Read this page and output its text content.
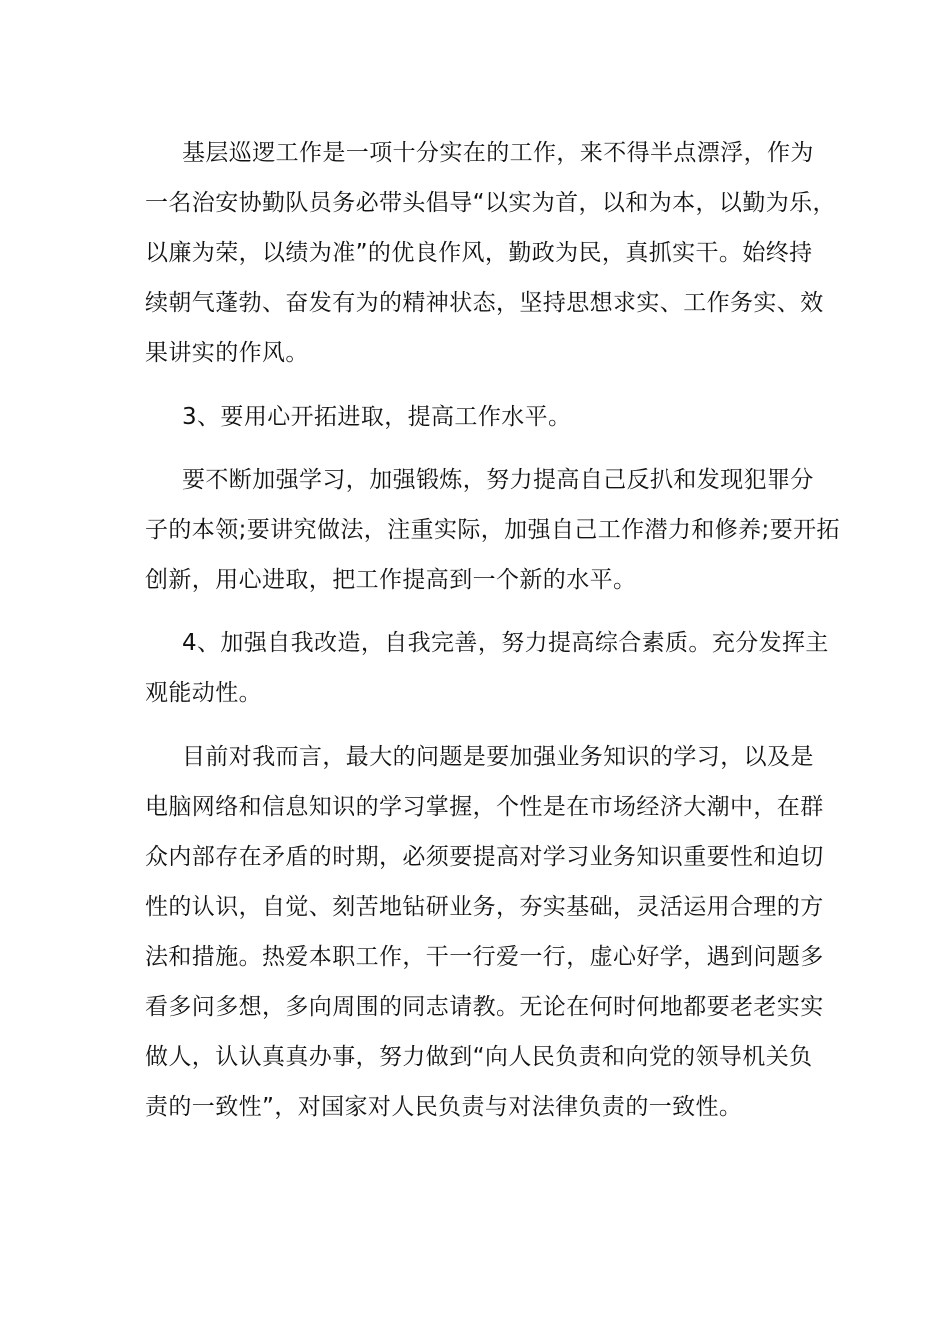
基层巡逻工作是一项十分实在的工作，来不得半点漂浮，作为
一名治安协勤队员务必带头倡导“以实为首，以和为本，以勤为乐，
以廉为荣，以绩为准”的优良作风，勤政为民，真抓实干。始终持
续朝气蓬勃、奋发有为的精神状态，坚持思想求实、工作务实、效
果讲实的作风。
3、要用心开拓进取，提高工作水平。
要不断加强学习，加强锻炼，努力提高自己反扒和发现犯罪分
子的本领;要讲究做法，注重实际，加强自己工作潜力和修养;要开拓
创新，用心进取，把工作提高到一个新的水平。
4、加强自我改造，自我完善，努力提高综合素质。充分发挥主
观能动性。
目前对我而言，最大的问题是要加强业务知识的学习，以及是
电脑网络和信息知识的学习掌握，个性是在市场经济大潮中，在群
众内部存在矛盾的时期，必须要提高对学习业务知识重要性和迫切
性的认识，自觉、刻苦地钻研业务，夯实基础，灵活运用合理的方
法和措施。热爱本职工作，干一行爱一行，虚心好学，遇到问题多
看多问多想，多向周围的同志请教。无论在何时何地都要老老实实
做人，认认真真办事，努力做到“向人民负责和向党的领导机关负
责的一致性”，对国家对人民负责与对法律负责的一致性。
